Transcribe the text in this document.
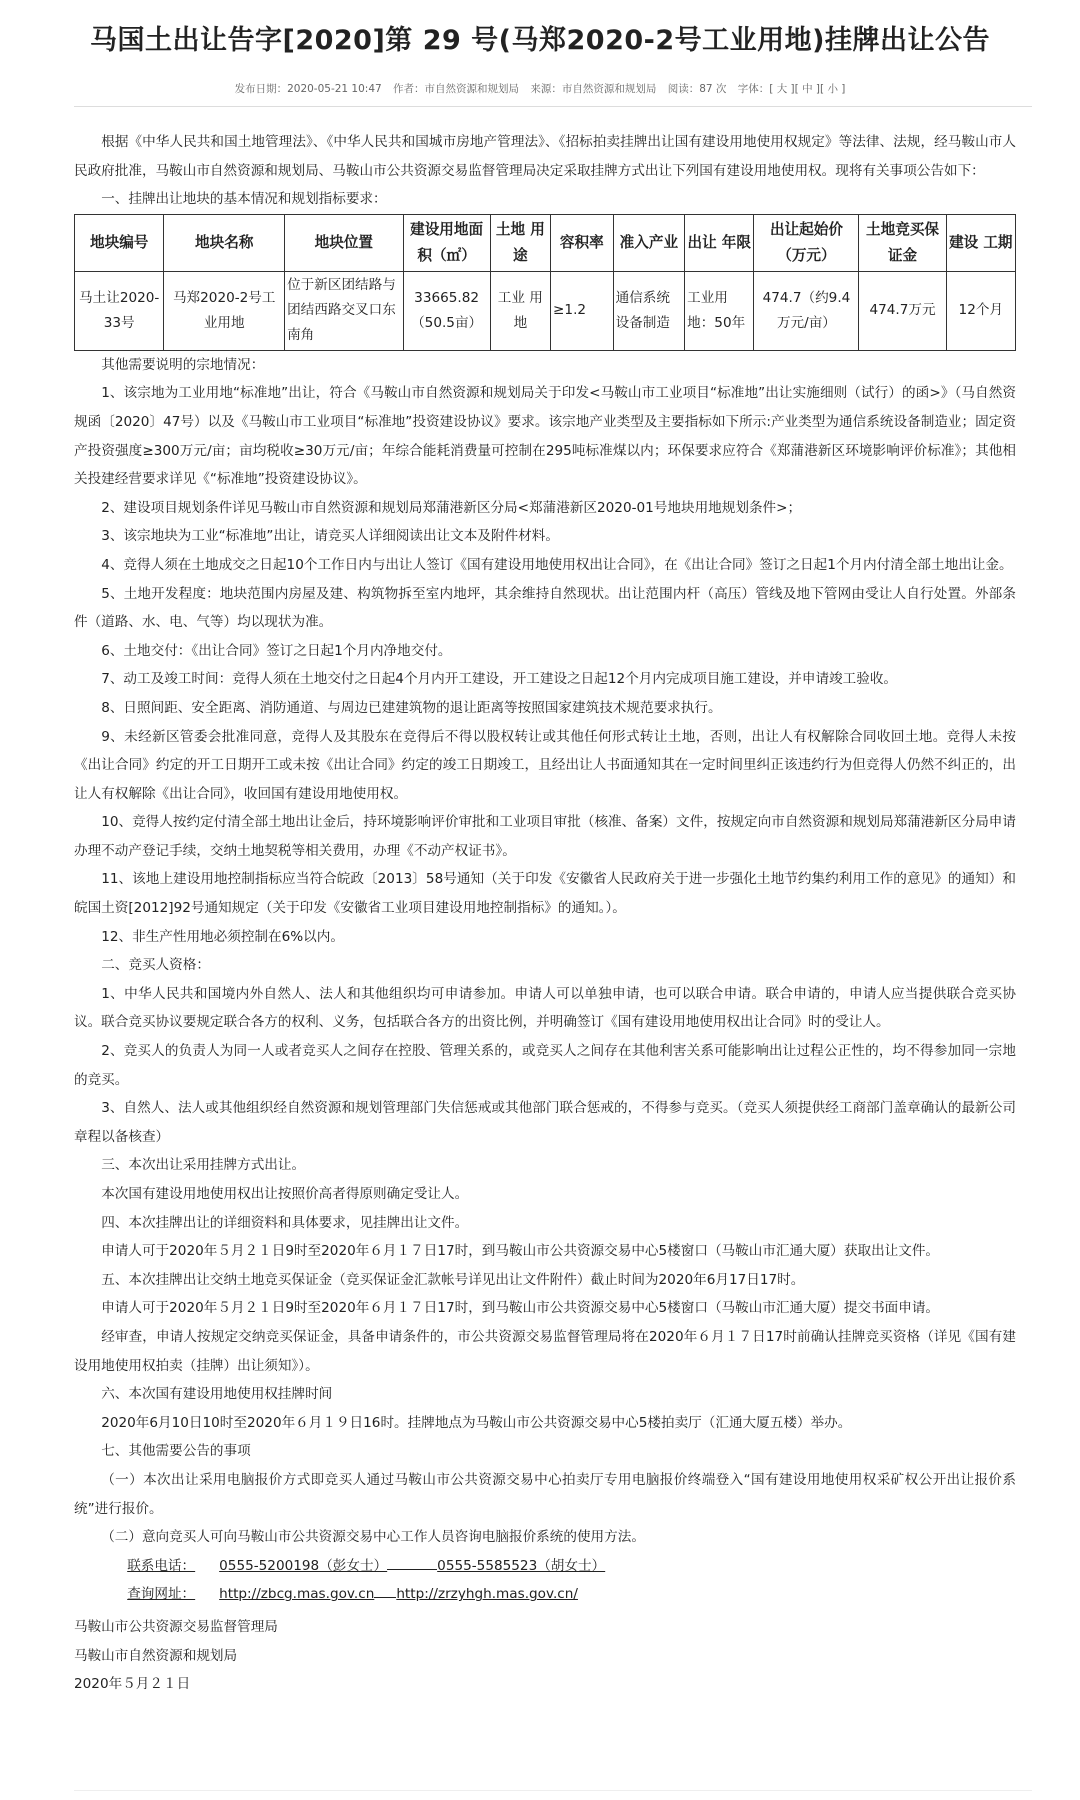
马国土出让告字[2020]第 29 号(马郑2020-2号工业用地)挂牌出让公告
发布日期：2020-05-21 10:47 作者：市自然资源和规划局 来源：市自然资源和规划局 阅读：87 次 字体：[ 大 ][ 中 ][ 小 ]

根据《中华人民共和国土地管理法》、《中华人民共和国城市房地产管理法》、《招标拍卖挂牌出让国有建设用地使用权规定》等法律、法规，经马鞍山市人民政府批准，马鞍山市自然资源和规划局、马鞍山市公共资源交易监督管理局决定采取挂牌方式出让下列国有建设用地使用权。现将有关事项公告如下：

一、挂牌出让地块的基本情况和规划指标要求：

地块编号	地块名称	地块位置	建设用地面积（㎡）	土地 用途	容积率	准入产业	出让 年限	出让起始价（万元）	土地竞买保证金	建设 工期
马土让2020-33号	马郑2020-2号工业用地	位于新区团结路与团结西路交叉口东南角	33665.82（50.5亩）	工业 用地	≥1.2	通信系统设备制造	工业用地：50年	474.7（约9.4万元/亩）	474.7万元	12个月

其他需要说明的宗地情况：

1、该宗地为工业用地“标准地”出让，符合《马鞍山市自然资源和规划局关于印发<马鞍山市工业项目“标准地”出让实施细则（试行）的函>》（马自然资规函〔2020〕47号）以及《马鞍山市工业项目“标准地”投资建设协议》要求。该宗地产业类型及主要指标如下所示:产业类型为通信系统设备制造业；固定资产投资强度≥300万元/亩；亩均税收≥30万元/亩；年综合能耗消费量可控制在295吨标准煤以内；环保要求应符合《郑蒲港新区环境影响评价标准》；其他相关投建经营要求详见《“标准地”投资建设协议》。

2、建设项目规划条件详见马鞍山市自然资源和规划局郑蒲港新区分局<郑蒲港新区2020-01号地块用地规划条件>；

3、该宗地块为工业“标准地”出让，请竞买人详细阅读出让文本及附件材料。

4、竞得人须在土地成交之日起10个工作日内与出让人签订《国有建设用地使用权出让合同》，在《出让合同》签订之日起1个月内付清全部土地出让金。

5、土地开发程度：地块范围内房屋及建、构筑物拆至室内地坪，其余维持自然现状。出让范围内杆（高压）管线及地下管网由受让人自行处置。外部条件（道路、水、电、气等）均以现状为准。

6、土地交付：《出让合同》签订之日起1个月内净地交付。

7、动工及竣工时间：竞得人须在土地交付之日起4个月内开工建设，开工建设之日起12个月内完成项目施工建设，并申请竣工验收。

8、日照间距、安全距离、消防通道、与周边已建建筑物的退让距离等按照国家建筑技术规范要求执行。

9、未经新区管委会批准同意，竞得人及其股东在竞得后不得以股权转让或其他任何形式转让土地，否则，出让人有权解除合同收回土地。竞得人未按《出让合同》约定的开工日期开工或未按《出让合同》约定的竣工日期竣工，且经出让人书面通知其在一定时间里纠正该违约行为但竞得人仍然不纠正的，出让人有权解除《出让合同》，收回国有建设用地使用权。

10、竞得人按约定付清全部土地出让金后，持环境影响评价审批和工业项目审批（核准、备案）文件，按规定向市自然资源和规划局郑蒲港新区分局申请办理不动产登记手续，交纳土地契税等相关费用，办理《不动产权证书》。

11、该地上建设用地控制指标应当符合皖政〔2013〕58号通知（关于印发《安徽省人民政府关于进一步强化土地节约集约利用工作的意见》的通知）和皖国土资[2012]92号通知规定（关于印发《安徽省工业项目建设用地控制指标》的通知。）。

12、非生产性用地必须控制在6%以内。

二、竞买人资格：

1、中华人民共和国境内外自然人、法人和其他组织均可申请参加。申请人可以单独申请，也可以联合申请。联合申请的，申请人应当提供联合竞买协议。联合竞买协议要规定联合各方的权利、义务，包括联合各方的出资比例，并明确签订《国有建设用地使用权出让合同》时的受让人。

2、竞买人的负责人为同一人或者竞买人之间存在控股、管理关系的，或竞买人之间存在其他利害关系可能影响出让过程公正性的，均不得参加同一宗地的竞买。

3、自然人、法人或其他组织经自然资源和规划管理部门失信惩戒或其他部门联合惩戒的，不得参与竞买。（竞买人须提供经工商部门盖章确认的最新公司章程以备核查）

三、本次出让采用挂牌方式出让。

本次国有建设用地使用权出让按照价高者得原则确定受让人。

四、本次挂牌出让的详细资料和具体要求，见挂牌出让文件。

申请人可于2020年５月２１日9时至2020年６月１７日17时，到马鞍山市公共资源交易中心5楼窗口（马鞍山市汇通大厦）获取出让文件。

五、本次挂牌出让交纳土地竞买保证金（竞买保证金汇款帐号详见出让文件附件）截止时间为2020年6月17日17时。

申请人可于2020年５月２１日9时至2020年６月１７日17时，到马鞍山市公共资源交易中心5楼窗口（马鞍山市汇通大厦）提交书面申请。

经审查，申请人按规定交纳竞买保证金，具备申请条件的，市公共资源交易监督管理局将在2020年６月１７日17时前确认挂牌竞买资格（详见《国有建设用地使用权拍卖（挂牌）出让须知》）。

六、本次国有建设用地使用权挂牌时间

2020年6月10日10时至2020年６月１９日16时。挂牌地点为马鞍山市公共资源交易中心5楼拍卖厅（汇通大厦五楼）举办。

七、其他需要公告的事项

（一）本次出让采用电脑报价方式即竞买人通过马鞍山市公共资源交易中心拍卖厅专用电脑报价终端登入“国有建设用地使用权采矿权公开出让报价系统”进行报价。

（二）意向竞买人可向马鞍山市公共资源交易中心工作人员咨询电脑报价系统的使用方法。

联系电话： 0555-5200198（彭女士）	0555-5585523（胡女士）

查询网址： http://zbcg.mas.gov.cn http://zrzyhgh.mas.gov.cn/

马鞍山市公共资源交易监督管理局

马鞍山市自然资源和规划局

2020年５月２１日
